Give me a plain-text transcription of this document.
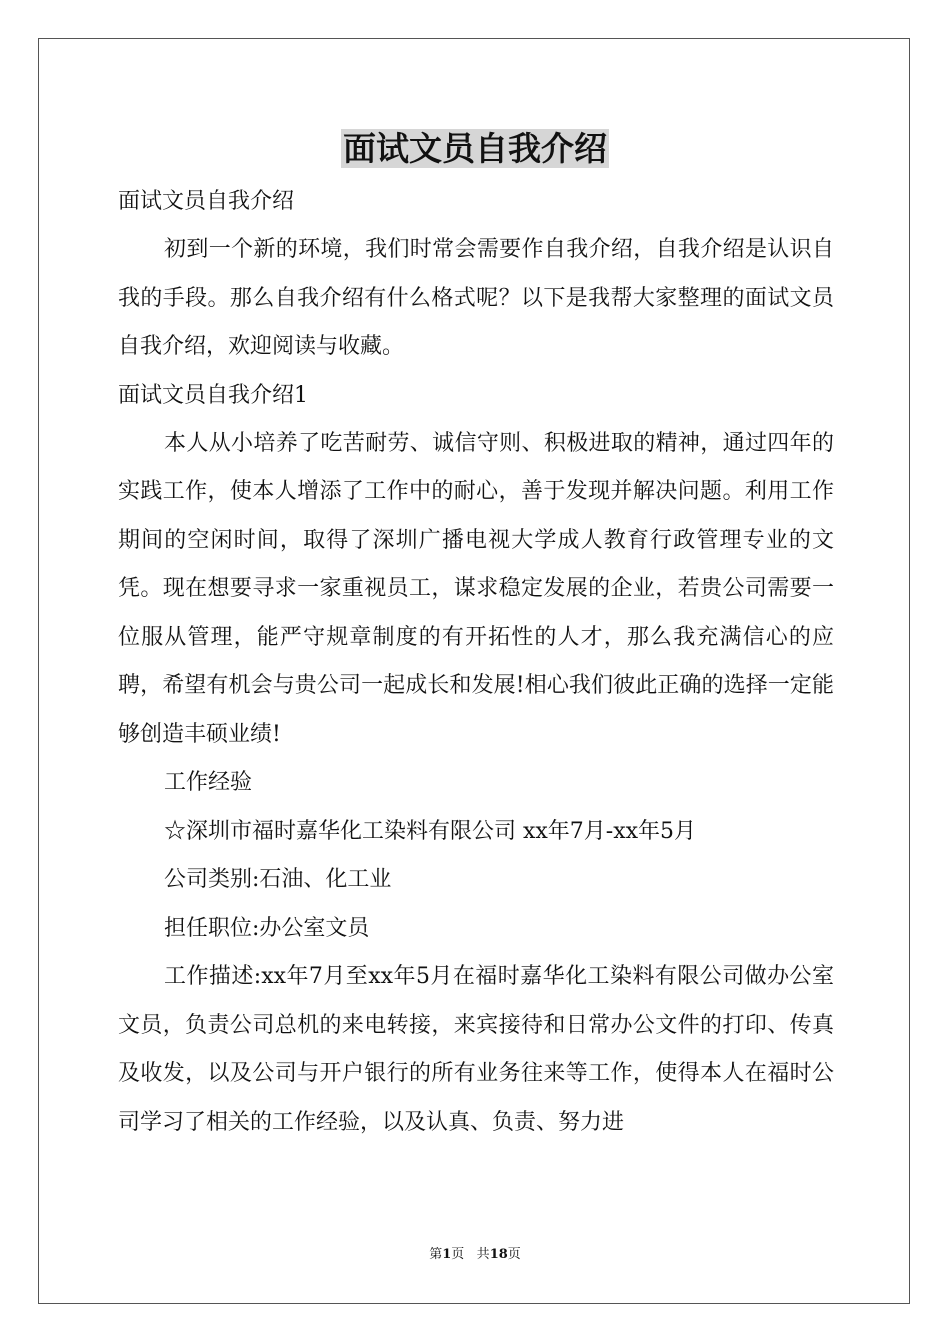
面试文员自我介绍

面试文员自我介绍

初到一个新的环境，我们时常会需要作自我介绍，自我介绍是认识自我的手段。那么自我介绍有什么格式呢？以下是我帮大家整理的面试文员自我介绍，欢迎阅读与收藏。

面试文员自我介绍1

本人从小培养了吃苦耐劳、诚信守则、积极进取的精神，通过四年的实践工作，使本人增添了工作中的耐心，善于发现并解决问题。利用工作期间的空闲时间，取得了深圳广播电视大学成人教育行政管理专业的文凭。现在想要寻求一家重视员工，谋求稳定发展的企业，若贵公司需要一位服从管理，能严守规章制度的有开拓性的人才，那么我充满信心的应聘，希望有机会与贵公司一起成长和发展!相心我们彼此正确的选择一定能够创造丰硕业绩!

工作经验

☆深圳市福时嘉华化工染料有限公司 xx年7月-xx年5月

公司类别:石油、化工业

担任职位:办公室文员

工作描述:xx年7月至xx年5月在福时嘉华化工染料有限公司做办公室文员，负责公司总机的来电转接，来宾接待和日常办公文件的打印、传真及收发，以及公司与开户银行的所有业务往来等工作，使得本人在福时公司学习了相关的工作经验，以及认真、负责、努力进

第1页 共18页
